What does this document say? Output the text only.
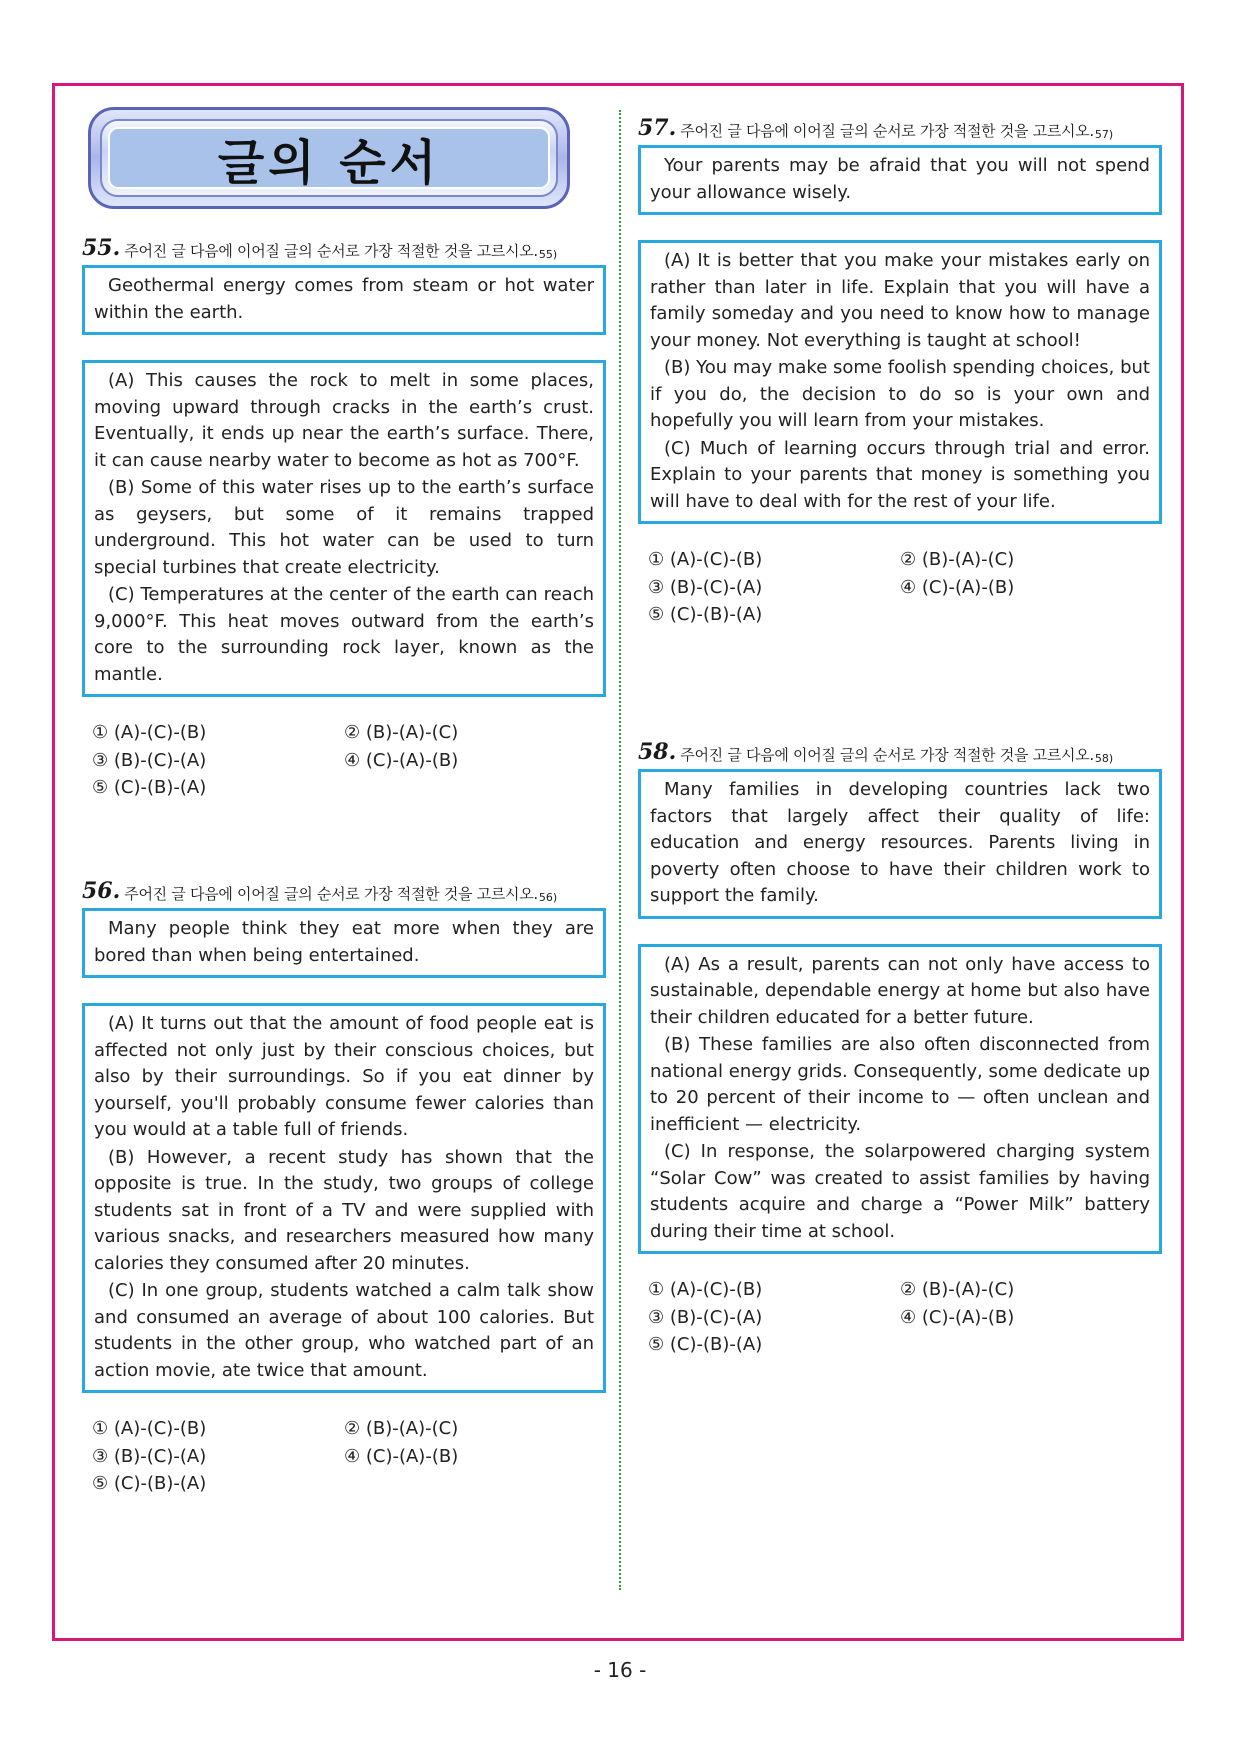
글의 순서
55. 주어진 글 다음에 이어질 글의 순서로 가장 적절한 것을 고르시오. 55)

Geothermal energy comes from steam or hot water within the earth.

(A) This causes the rock to melt in some places, moving upward through cracks in the earth’s crust. Eventually, it ends up near the earth’s surface. There, it can cause nearby water to become as hot as 700°F.

(B) Some of this water rises up to the earth’s surface as geysers, but some of it remains trapped underground. This hot water can be used to turn special turbines that create electricity.

(C) Temperatures at the center of the earth can reach 9,000°F. This heat moves outward from the earth’s core to the surrounding rock layer, known as the mantle.

① (A)-(C)-(B)	② (B)-(A)-(C)
③ (B)-(C)-(A)	④ (C)-(A)-(B)
⑤ (C)-(B)-(A)
56. 주어진 글 다음에 이어질 글의 순서로 가장 적절한 것을 고르시오. 56)

Many people think they eat more when they are bored than when being entertained.

(A) It turns out that the amount of food people eat is affected not only just by their conscious choices, but also by their surroundings. So if you eat dinner by yourself, you'll probably consume fewer calories than you would at a table full of friends.

(B) However, a recent study has shown that the opposite is true. In the study, two groups of college students sat in front of a TV and were supplied with various snacks, and researchers measured how many calories they consumed after 20 minutes.

(C) In one group, students watched a calm talk show and consumed an average of about 100 calories. But students in the other group, who watched part of an action movie, ate twice that amount.

① (A)-(C)-(B)	② (B)-(A)-(C)
③ (B)-(C)-(A)	④ (C)-(A)-(B)
⑤ (C)-(B)-(A)
57. 주어진 글 다음에 이어질 글의 순서로 가장 적절한 것을 고르시오. 57)

Your parents may be afraid that you will not spend your allowance wisely.

(A) It is better that you make your mistakes early on rather than later in life. Explain that you will have a family someday and you need to know how to manage your money. Not everything is taught at school!

(B) You may make some foolish spending choices, but if you do, the decision to do so is your own and hopefully you will learn from your mistakes.

(C) Much of learning occurs through trial and error. Explain to your parents that money is something you will have to deal with for the rest of your life.

① (A)-(C)-(B)	② (B)-(A)-(C)
③ (B)-(C)-(A)	④ (C)-(A)-(B)
⑤ (C)-(B)-(A)
58. 주어진 글 다음에 이어질 글의 순서로 가장 적절한 것을 고르시오. 58)

Many families in developing countries lack two factors that largely affect their quality of life: education and energy resources. Parents living in poverty often choose to have their children work to support the family.

(A) As a result, parents can not only have access to sustainable, dependable energy at home but also have their children educated for a better future.

(B) These families are also often disconnected from national energy grids. Consequently, some dedicate up to 20 percent of their income to — often unclean and inefficient — electricity.

(C) In response, the solarpowered charging system “Solar Cow” was created to assist families by having students acquire and charge a “Power Milk” battery during their time at school.

① (A)-(C)-(B)	② (B)-(A)-(C)
③ (B)-(C)-(A)	④ (C)-(A)-(B)
⑤ (C)-(B)-(A)
- 16 -
